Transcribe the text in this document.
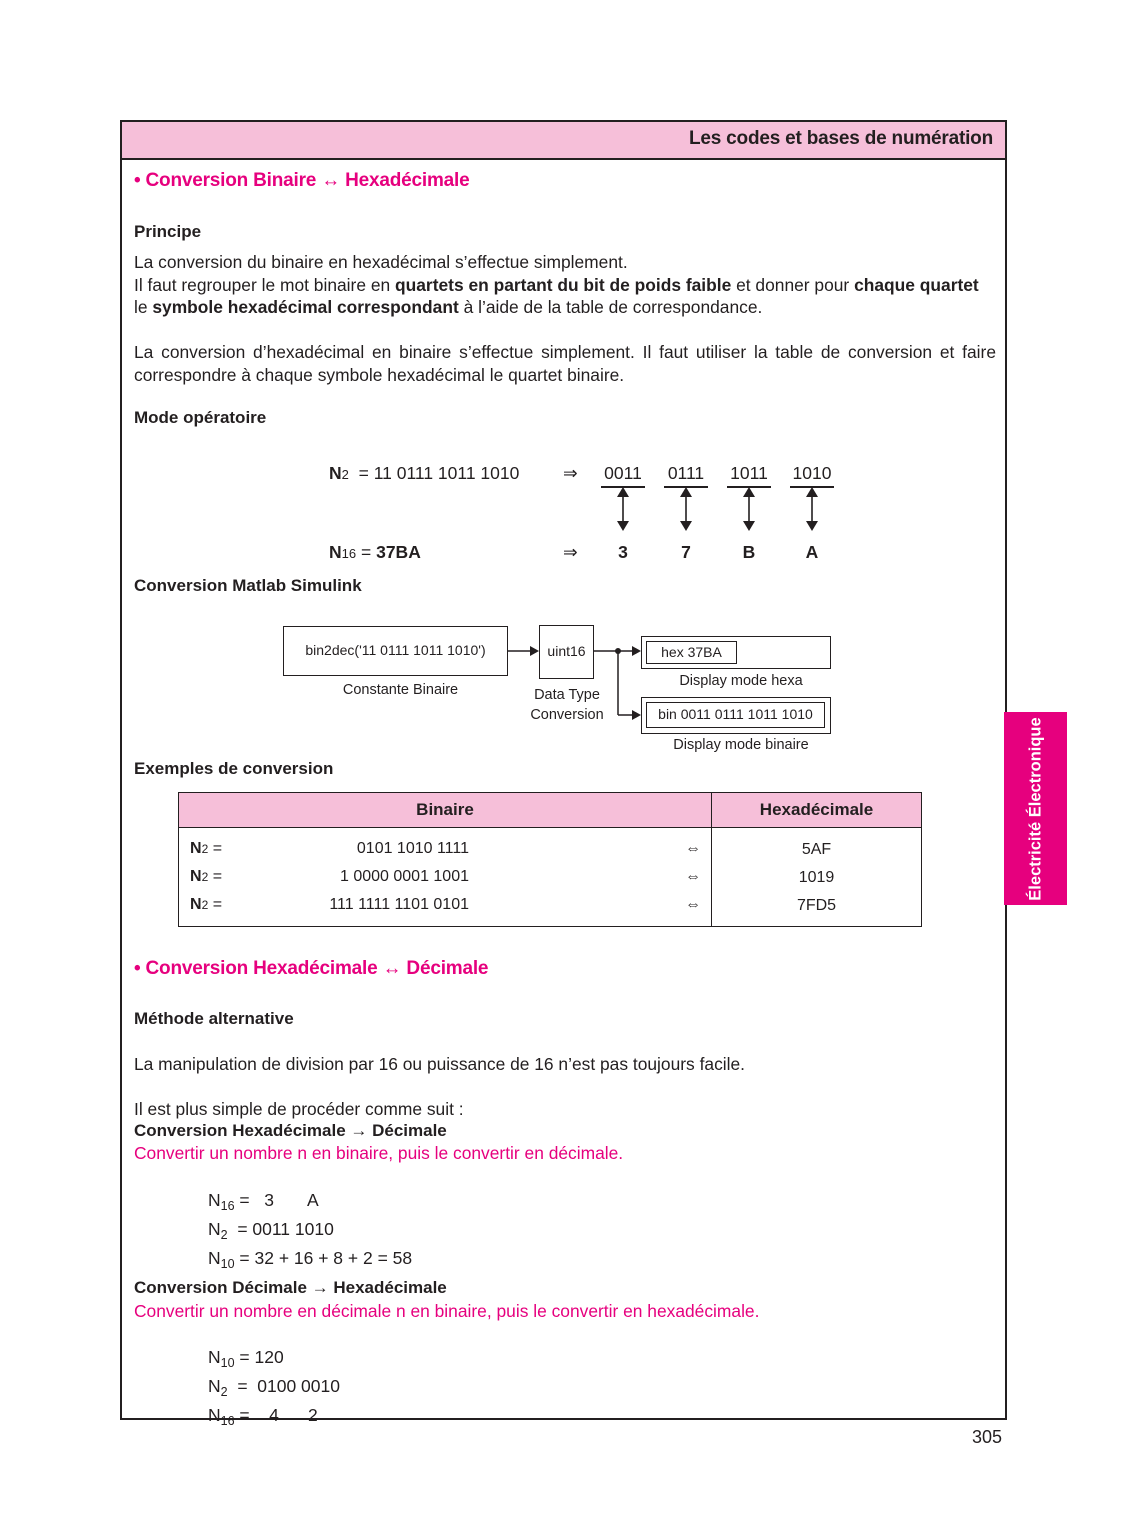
Les codes et bases de numération
• Conversion Binaire ↔ Hexadécimale
Principe
La conversion du binaire en hexadécimal s’effectue simplement.
Il faut regrouper le mot binaire en quartets en partant du bit de poids faible et donner pour chaque quartet le symbole hexadécimal correspondant à l’aide de la table de correspondance.
La conversion d’hexadécimal en binaire s’effectue simplement. Il faut utiliser la table de conversion et faire correspondre à chaque symbole hexadécimal le quartet binaire.
Mode opératoire
N2 = 11 0111 1011 1010 ⇒ 0011 0111 1011 1010
N16 = 37BA	⇒	3	7	B	A
Conversion Matlab Simulink
bin2dec('11 0111 1011 1010')
Constante Binaire
uint16
Data Type
Conversion
hex 37BA
Display mode hexa
bin 0011 0111 1011 1010
Display mode binaire
Exemples de conversion
Binaire	Hexadécimale

N2 = 0101 1010 1111 ⇔	5AF

N2 = 1 0000 0001 1001 ⇔	1019

N2 = 111 1111 1101 0101 ⇔	7FD5

• Conversion Hexadécimale ↔ Décimale
Méthode alternative
La manipulation de division par 16 ou puissance de 16 n’est pas toujours facile.
Il est plus simple de procéder comme suit :
Conversion Hexadécimale → Décimale
Convertir un nombre n en binaire, puis le convertir en décimale.
$N_{16} = 3$       A
$N_2 = 0011$ 1010
$N_{10} = 32 + 16 + 8 + 2 = 58$
Conversion Décimale → Hexadécimale
Convertir un nombre en décimale n en binaire, puis le convertir en hexadécimale.
$N_{10} = 120$
$N_2 = 0100$ 0010
$N_{16}$ =    4      2
Électricité Électronique
305
